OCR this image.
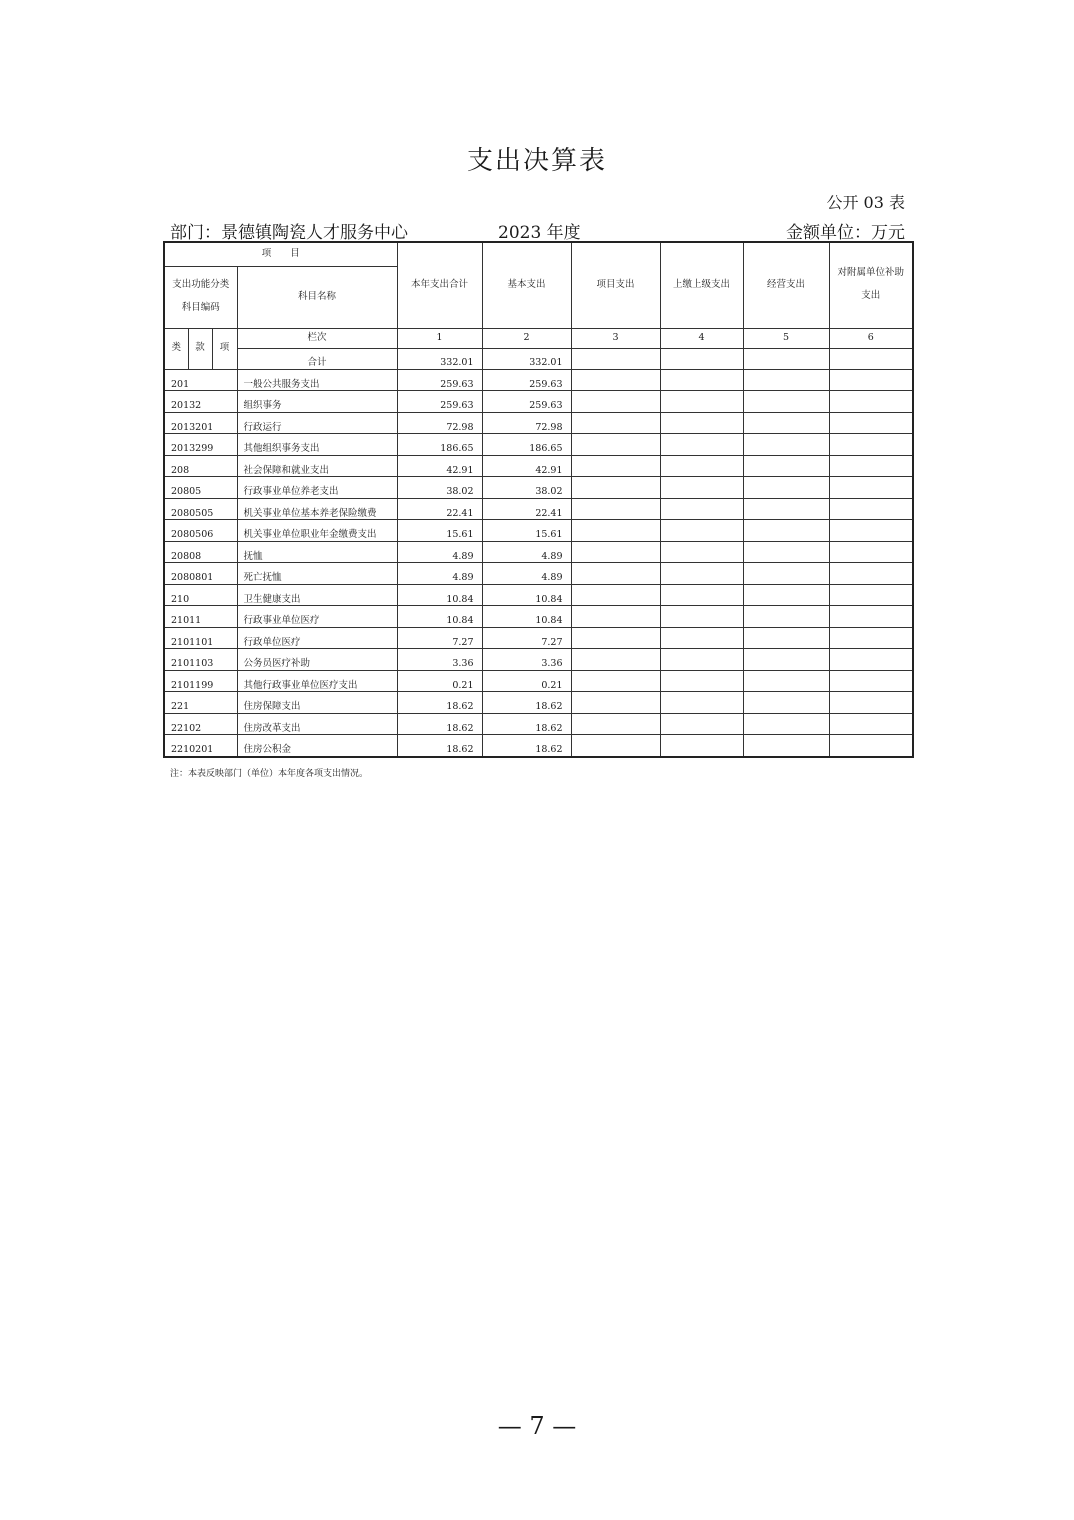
支出决算表
公开 03 表
部门：景德镇陶瓷人才服务中心	2023 年度	金额单位：万元
项　　目				本年支出合计	基本支出	项目支出	上缴上级支出	经营支出	对附属单位补助支出
支出功能分类科目编码			科目名称						
类	款	项	栏次	1	2	3	4	5	6
			合计	332.01	332.01				
201			一般公共服务支出	259.63	259.63				
20132			组织事务	259.63	259.63				
2013201			行政运行	72.98	72.98				
2013299			其他组织事务支出	186.65	186.65				
208			社会保障和就业支出	42.91	42.91				
20805			行政事业单位养老支出	38.02	38.02				
2080505			机关事业单位基本养老保险缴费	22.41	22.41				
2080506			机关事业单位职业年金缴费支出	15.61	15.61				
20808			抚恤	4.89	4.89				
2080801			死亡抚恤	4.89	4.89				
210			卫生健康支出	10.84	10.84				
21011			行政事业单位医疗	10.84	10.84				
2101101			行政单位医疗	7.27	7.27				
2101103			公务员医疗补助	3.36	3.36				
2101199			其他行政事业单位医疗支出	0.21	0.21				
221			住房保障支出	18.62	18.62				
22102			住房改革支出	18.62	18.62				
2210201			住房公积金	18.62	18.62				
注：本表反映部门（单位）本年度各项支出情况。
— 7 —
